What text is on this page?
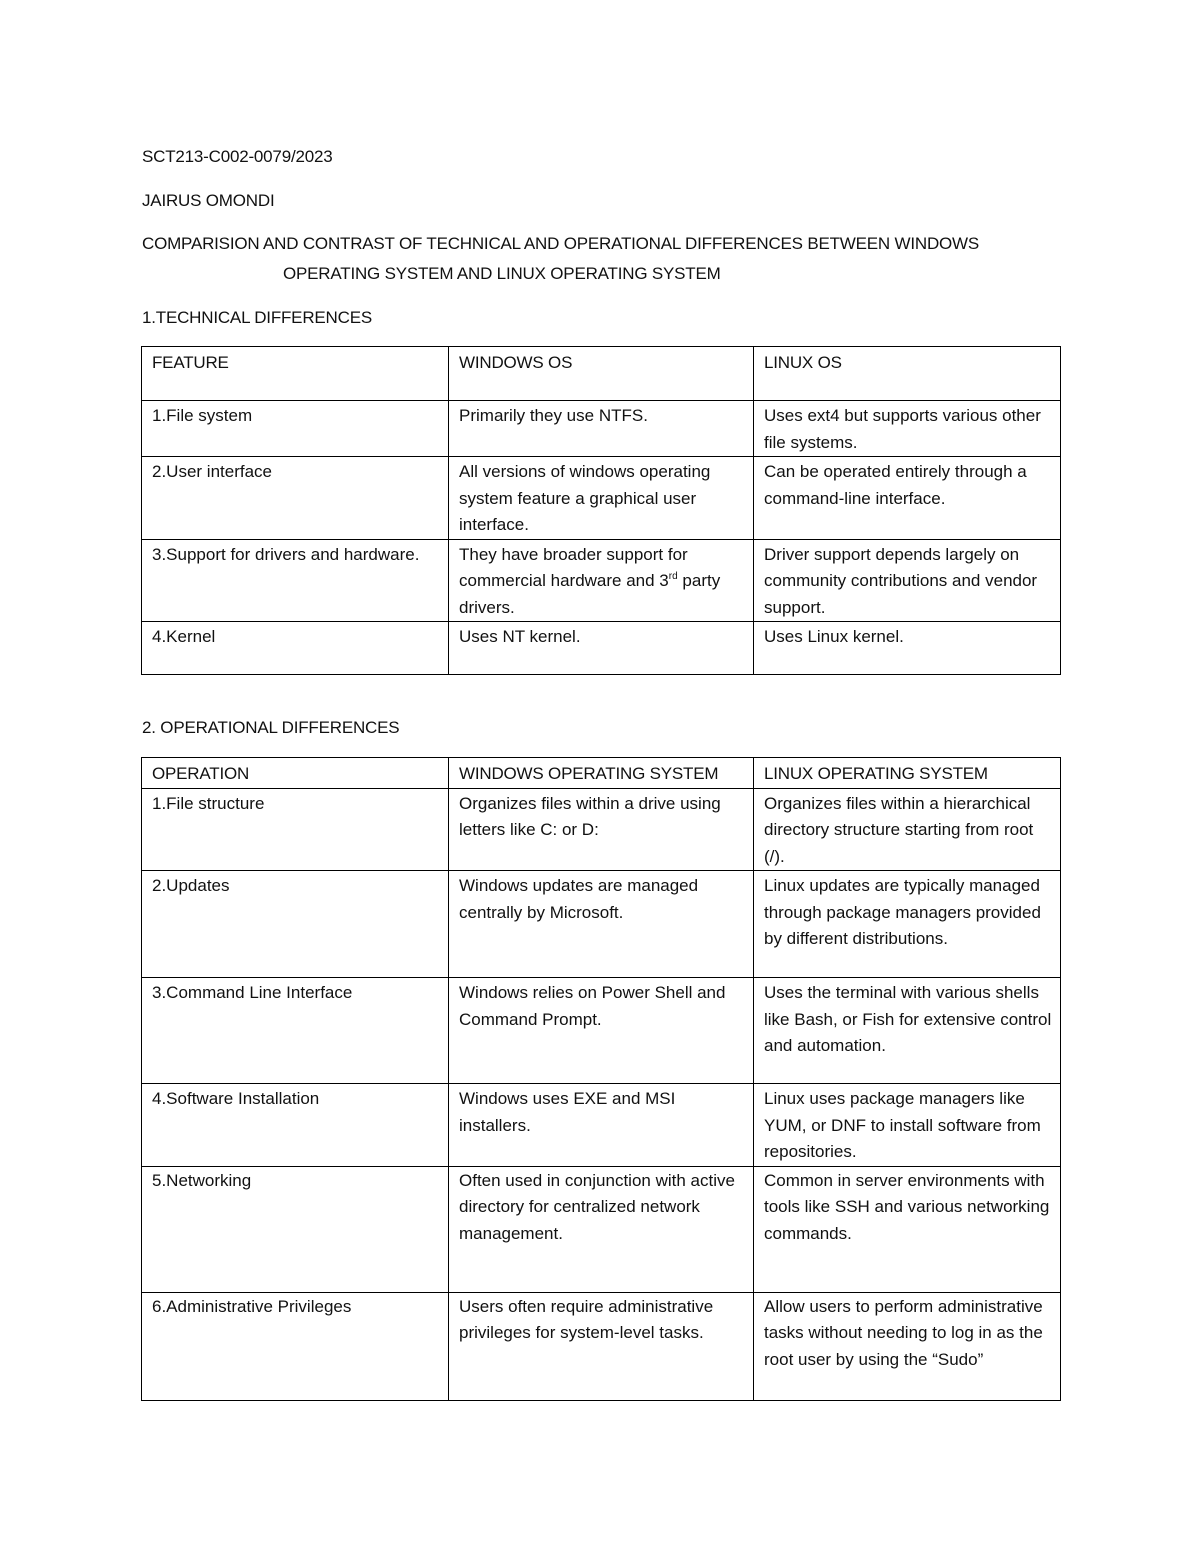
SCT213-C002-0079/2023
JAIRUS OMONDI
COMPARISION AND CONTRAST OF TECHNICAL AND OPERATIONAL DIFFERENCES BETWEEN WINDOWS
OPERATING SYSTEM AND LINUX OPERATING SYSTEM
1.TECHNICAL DIFFERENCES
FEATURE	WINDOWS OS	LINUX OS
1.File system	Primarily they use NTFS.	Uses ext4 but supports various other file systems.
2.User interface	All versions of windows operating system feature a graphical user interface.	Can be operated entirely through a command-line interface.
3.Support for drivers and hardware.	They have broader support for commercial hardware and 3rd party drivers.	Driver support depends largely on community contributions and vendor support.
4.Kernel	Uses NT kernel.	Uses Linux kernel.
2. OPERATIONAL DIFFERENCES
OPERATION	WINDOWS OPERATING SYSTEM	LINUX OPERATING SYSTEM
1.File structure	Organizes files within a drive using letters like C: or D:	Organizes files within a hierarchical directory structure starting from root (/).
2.Updates	Windows updates are managed centrally by Microsoft.	Linux updates are typically managed through package managers provided by different distributions.
3.Command Line Interface	Windows relies on Power Shell and Command Prompt.	Uses the terminal with various shells like Bash, or Fish for extensive control and automation.
4.Software Installation	Windows uses EXE and MSI installers.	Linux uses package managers like YUM, or DNF to install software from repositories.
5.Networking	Often used in conjunction with active directory for centralized network management.	Common in server environments with tools like SSH and various networking commands.
6.Administrative Privileges	Users often require administrative privileges for system-level tasks.	Allow users to perform administrative tasks without needing to log in as the root user by using the “Sudo”
